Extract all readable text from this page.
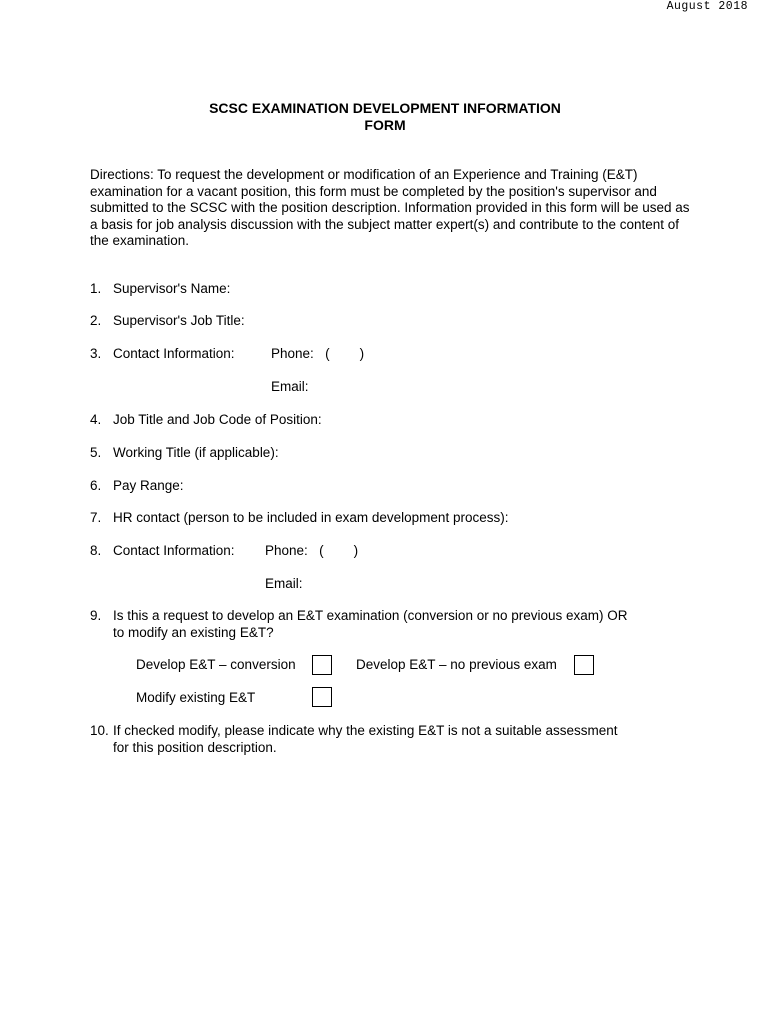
August 2018
SCSC EXAMINATION DEVELOPMENT INFORMATION
FORM
Directions: To request the development or modification of an Experience and Training (E&T) examination for a vacant position, this form must be completed by the position's supervisor and submitted to the SCSC with the position description. Information provided in this form will be used as a basis for job analysis discussion with the subject matter expert(s) and contribute to the content of the examination.
1. Supervisor's Name:
2. Supervisor's Job Title:
3. Contact Information:	Phone: ( )
Email:
4. Job Title and Job Code of Position:
5. Working Title (if applicable):
6. Pay Range:
7. HR contact (person to be included in exam development process):
8. Contact Information: Phone: ( )
Email:
9. Is this a request to develop an E&T examination (conversion or no previous exam) OR
to modify an existing E&T?
Develop E&T – conversion	Develop E&T – no previous exam
Modify existing E&T
10. If checked modify, please indicate why the existing E&T is not a suitable assessment
for this position description.
